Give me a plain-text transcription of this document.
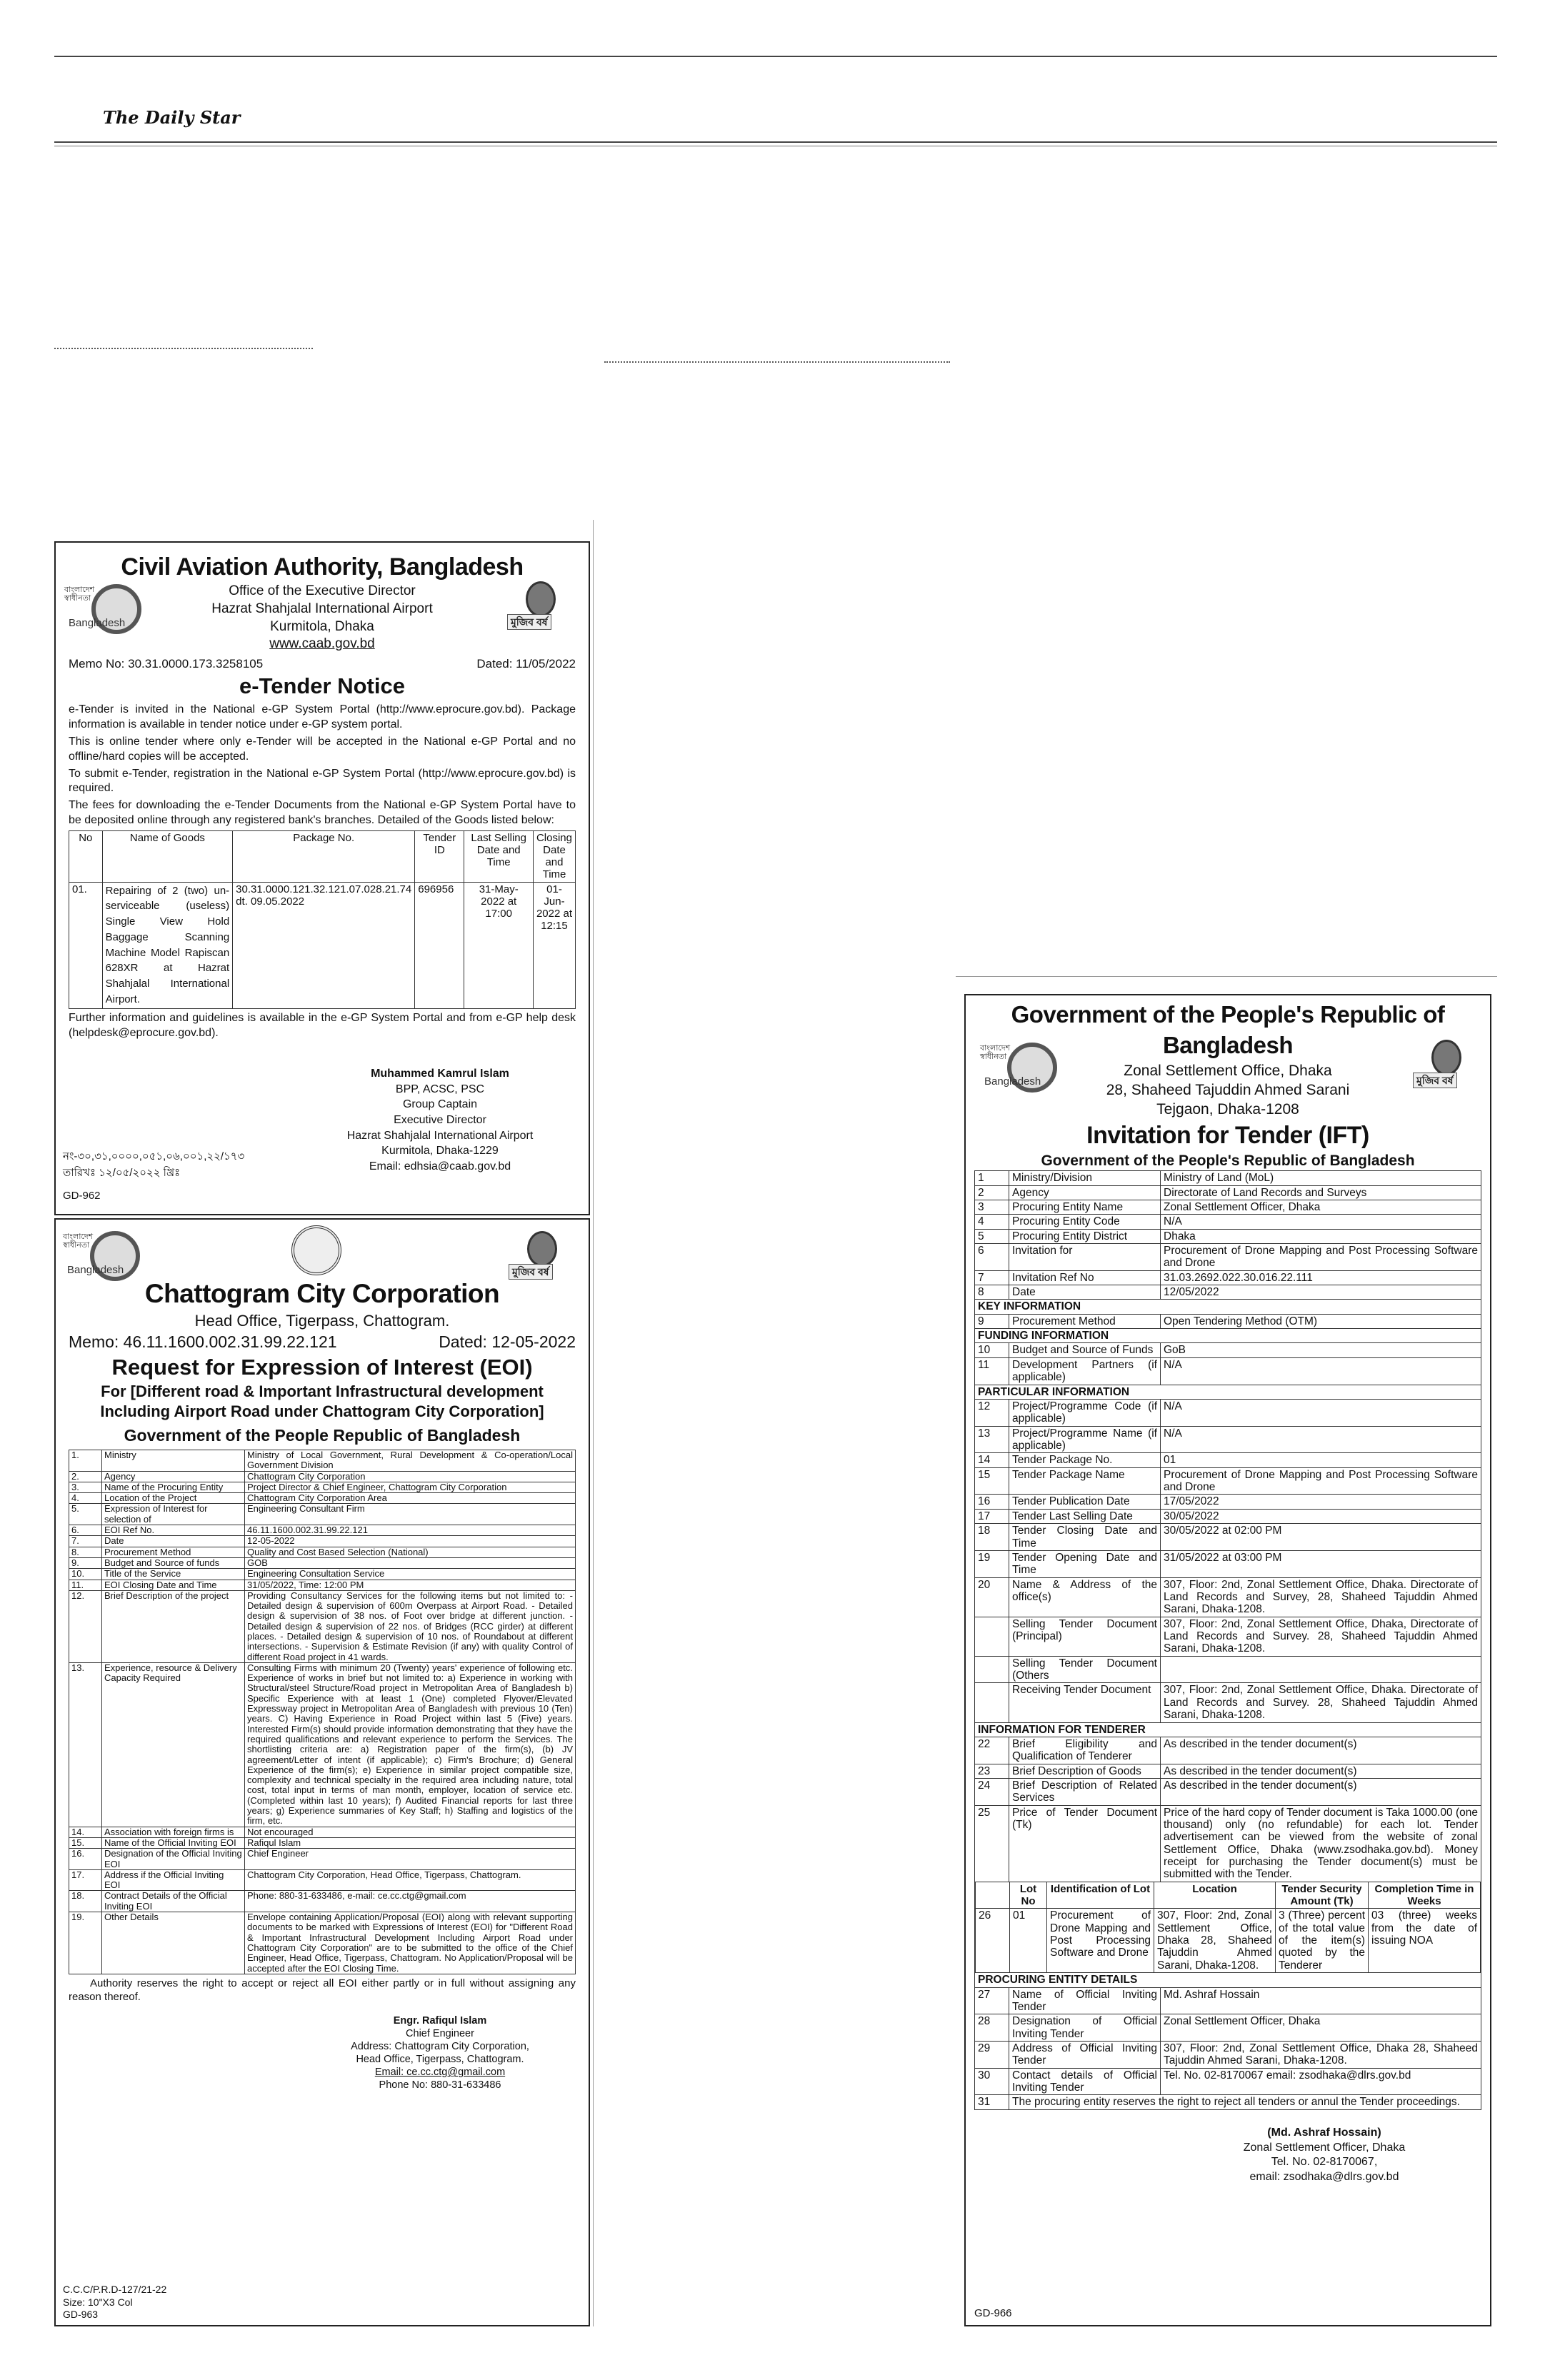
The Daily Star
বাংলাদেশ স্বাধীনতা
Bangladesh	মুজিব বর্ষ
Civil Aviation Authority, Bangladesh
Office of the Executive Director
Hazrat Shahjalal International Airport
Kurmitola, Dhaka
www.caab.gov.bd
Memo No: 30.31.0000.173.3258105	Dated: 11/05/2022
e-Tender Notice
e-Tender is invited in the National e-GP System Portal (http://www.eprocure.gov.bd). Package information is available in tender notice under e-GP system portal.
This is online tender where only e-Tender will be accepted in the National e-GP Portal and no offline/hard copies will be accepted.
To submit e-Tender, registration in the National e-GP System Portal (http://www.eprocure.gov.bd) is required.
The fees for downloading the e-Tender Documents from the National e-GP System Portal have to be deposited online through any registered bank's branches. Detailed of the Goods listed below:
No	Name of Goods	Package No.	Tender ID	Last Selling Date and Time	Closing Date and Time
01.	Repairing of 2 (two) un-serviceable (useless) Single View Hold Baggage Scanning Machine Model Rapiscan 628XR at Hazrat Shahjalal International Airport.	30.31.0000.121.32.121.07.028.21.74 dt. 09.05.2022	696956	31-May-2022 at 17:00	01-Jun-2022 at 12:15
Further information and guidelines is available in the e-GP System Portal and from e-GP help desk (helpdesk@eprocure.gov.bd).
Muhammed Kamrul Islam
BPP, ACSC, PSC
Group Captain
Executive Director
Hazrat Shahjalal International Airport
Kurmitola, Dhaka-1229
Email: edhsia@caab.gov.bd
নং-৩০,৩১,০০০০,০৫১,০৬,০০১,২২/১৭৩
তারিখঃ ১২/০৫/২০২২ খ্রিঃ
GD-962
বাংলাদেশ স্বাধীনতা
Bangladesh	মুজিব বর্ষ
Chattogram City Corporation
Head Office, Tigerpass, Chattogram.
Memo: 46.11.1600.002.31.99.22.121	Dated: 12-05-2022
Request for Expression of Interest (EOI)
For [Different road & Important Infrastructural development Including Airport Road under Chattogram City Corporation]
Government of the People Republic of Bangladesh
1.	Ministry	Ministry of Local Government, Rural Development & Co-operation/Local Government Division
2.	Agency	Chattogram City Corporation
3.	Name of the Procuring Entity	Project Director & Chief Engineer, Chattogram City Corporation
4.	Location of the Project	Chattogram City Corporation Area
5.	Expression of Interest for selection of	Engineering Consultant Firm
6.	EOI Ref No.	46.11.1600.002.31.99.22.121
7.	Date	12-05-2022
8.	Procurement Method	Quality and Cost Based Selection (National)
9.	Budget and Source of funds	GOB
10.	Title of the Service	Engineering Consultation Service
11.	EOI Closing Date and Time	31/05/2022, Time: 12:00 PM
12.	Brief Description of the project	Providing Consultancy Services for the following items but not limited to: - Detailed design & supervision of 600m Overpass at Airport Road. - Detailed design & supervision of 38 nos. of Foot over bridge at different junction. -Detailed design & supervision of 22 nos. of Bridges (RCC girder) at different places. - Detailed design & supervision of 10 nos. of Roundabout at different intersections. - Supervision & Estimate Revision (if any) with quality Control of different Road project in 41 wards.
13.	Experience, resource & Delivery Capacity Required	Consulting Firms with minimum 20 (Twenty) years' experience of following etc. Experience of works in brief but not limited to: a) Experience in working with Structural/steel Structure/Road project in Metropolitan Area of Bangladesh b) Specific Experience with at least 1 (One) completed Flyover/Elevated Expressway project in Metropolitan Area of Bangladesh with previous 10 (Ten) years. C) Having Experience in Road Project within last 5 (Five) years. Interested Firm(s) should provide information demonstrating that they have the required qualifications and relevant experience to perform the Services. The shortlisting criteria are: a) Registration paper of the firm(s), (b) JV agreement/Letter of intent (if applicable); c) Firm's Brochure; d) General Experience of the firm(s); e) Experience in similar project compatible size, complexity and technical specialty in the required area including nature, total cost, total input in terms of man month, employer, location of service etc. (Completed within last 10 years); f) Audited Financial reports for last three years; g) Experience summaries of Key Staff; h) Staffing and logistics of the firm, etc.
14.	Association with foreign firms is	Not encouraged
15.	Name of the Official Inviting EOI	Rafiqul Islam
16.	Designation of the Official Inviting EOI	Chief Engineer
17.	Address if the Official Inviting EOI	Chattogram City Corporation, Head Office, Tigerpass, Chattogram.
18.	Contract Details of the Official Inviting EOI	Phone: 880-31-633486, e-mail: ce.cc.ctg@gmail.com
19.	Other Details	Envelope containing Application/Proposal (EOI) along with relevant supporting documents to be marked with Expressions of Interest (EOI) for "Different Road & Important Infrastructural Development Including Airport Road under Chattogram City Corporation" are to be submitted to the office of the Chief Engineer, Head Office, Tigerpass, Chattogram. No Application/Proposal will be accepted after the EOI Closing Time.
Authority reserves the right to accept or reject all EOI either partly or in full without assigning any reason thereof.
Engr. Rafiqul Islam
Chief Engineer
Address: Chattogram City Corporation,
Head Office, Tigerpass, Chattogram.
Email: ce.cc.ctg@gmail.com
Phone No: 880-31-633486
C.C.C/P.R.D-127/21-22
Size: 10"X3 Col
GD-963
বাংলাদেশ স্বাধীনতা
Bangladesh	মুজিব বর্ষ
Government of the People's Republic of Bangladesh
Zonal Settlement Office, Dhaka
28, Shaheed Tajuddin Ahmed Sarani
Tejgaon, Dhaka-1208
Invitation for Tender (IFT)
Government of the People's Republic of Bangladesh
1	Ministry/Division	Ministry of Land (MoL)
2	Agency	Directorate of Land Records and Surveys
3	Procuring Entity Name	Zonal Settlement Officer, Dhaka
4	Procuring Entity Code	N/A
5	Procuring Entity District	Dhaka
6	Invitation for	Procurement of Drone Mapping and Post Processing Software and Drone
7	Invitation Ref No	31.03.2692.022.30.016.22.111
8	Date	12/05/2022
KEY INFORMATION
9	Procurement Method	Open Tendering Method (OTM)
FUNDING INFORMATION
10	Budget and Source of Funds	GoB
11	Development Partners (if applicable)	N/A
PARTICULAR INFORMATION
12	Project/Programme Code (if applicable)	N/A
13	Project/Programme Name (if applicable)	N/A
14	Tender Package No.	01
15	Tender Package Name	Procurement of Drone Mapping and Post Processing Software and Drone
16	Tender Publication Date	17/05/2022
17	Tender Last Selling Date	30/05/2022
18	Tender Closing Date and Time	30/05/2022 at 02:00 PM
19	Tender Opening Date and Time	31/05/2022 at 03:00 PM
20	Name & Address of the office(s)	307, Floor: 2nd, Zonal Settlement Office, Dhaka. Directorate of Land Records and Survey, 28, Shaheed Tajuddin Ahmed Sarani, Dhaka-1208.
	Selling Tender Document (Principal)	307, Floor: 2nd, Zonal Settlement Office, Dhaka, Directorate of Land Records and Survey. 28, Shaheed Tajuddin Ahmed Sarani, Dhaka-1208.
	Selling Tender Document (Others	
	Receiving Tender Document	307, Floor: 2nd, Zonal Settlement Office, Dhaka. Directorate of Land Records and Survey. 28, Shaheed Tajuddin Ahmed Sarani, Dhaka-1208.
INFORMATION FOR TENDERER
22	Brief Eligibility and Qualification of Tenderer	As described in the tender document(s)
23	Brief Description of Goods	As described in the tender document(s)
24	Brief Description of Related Services	As described in the tender document(s)
25	Price of Tender Document (Tk)	Price of the hard copy of Tender document is Taka 1000.00 (one thousand) only (no refundable) for each lot. Tender advertisement can be viewed from the website of zonal Settlement Office, Dhaka (www.zsodhaka.gov.bd). Money receipt for purchasing the Tender document(s) must be submitted with the Tender.

	Lot No	Identification of Lot	Location	Tender Security Amount (Tk)	Completion Time in Weeks
26	01	Procurement of Drone Mapping and Post Processing Software and Drone	307, Floor: 2nd, Zonal Settlement Office, Dhaka 28, Shaheed Tajuddin Ahmed Sarani, Dhaka-1208.	3 (Three) percent of the total value of the item(s) quoted by the Tenderer	03 (three) weeks from the date of issuing NOA

PROCURING ENTITY DETAILS
27	Name of Official Inviting Tender	Md. Ashraf Hossain
28	Designation of Official Inviting Tender	Zonal Settlement Officer, Dhaka
29	Address of Official Inviting Tender	307, Floor: 2nd, Zonal Settlement Office, Dhaka 28, Shaheed Tajuddin Ahmed Sarani, Dhaka-1208.
30	Contact details of Official Inviting Tender	Tel. No. 02-8170067 email: zsodhaka@dlrs.gov.bd
31	The procuring entity reserves the right to reject all tenders or annul the Tender proceedings.
(Md. Ashraf Hossain)
Zonal Settlement Officer, Dhaka
Tel. No. 02-8170067,
email: zsodhaka@dlrs.gov.bd
GD-966
